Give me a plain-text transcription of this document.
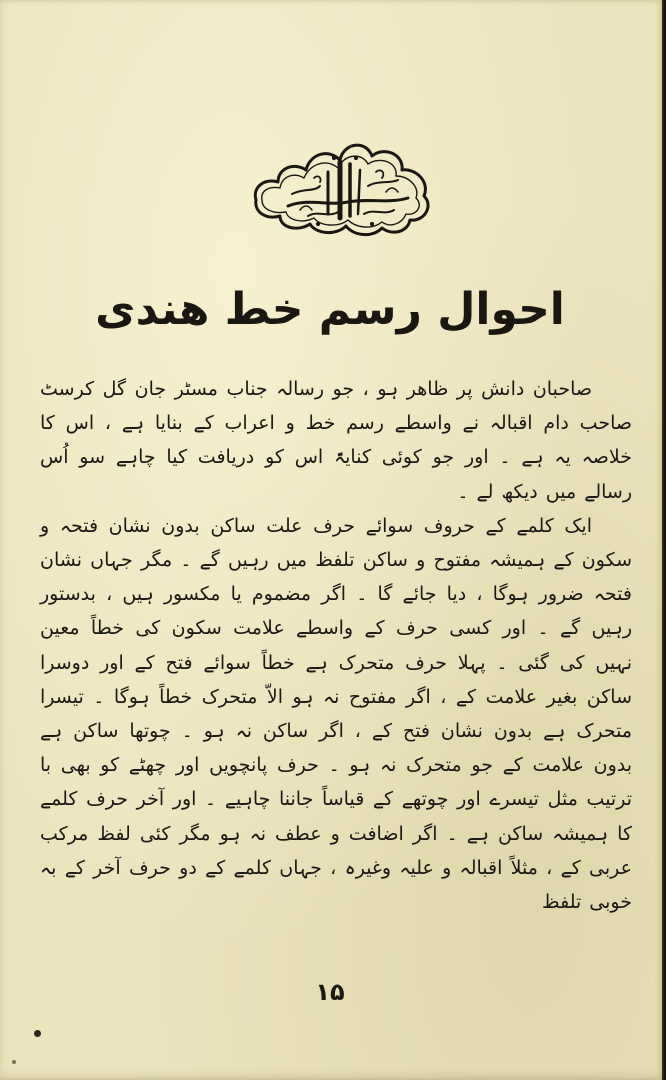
احوال رسم خط هندی

صاحبان دانش پر ظاهر ہو ، جو رسالہ جناب مسٹر جان گل کرسٹ صاحب دام اقبالہ نے واسطے رسم خط و اعراب کے بنایا ہے ، اس کا خلاصہ یہ ہے ۔ اور جو کوئی کنایۃً اس کو دریافت کیا چاہے سو اُس رسالے میں دیکھ لے ۔

ایک کلمے کے حروف سوائے حرف علت ساکن بدون نشان فتحہ و سکون کے ہمیشہ مفتوح و ساکن تلفظ میں رہیں گے ۔ مگر جہاں نشان فتحہ ضرور ہوگا ، دیا جائے گا ۔ اگر مضموم یا مکسور ہیں ، بدستور رہیں گے ۔ اور کسی حرف کے واسطے علامت سکون کی خطاً معین نہیں کی گئی ۔ پہلا حرف متحرک ہے خطاً سوائے فتح کے اور دوسرا ساکن بغیر علامت کے ، اگر مفتوح نہ ہو الاّ متحرک خطاً ہوگا ۔ تیسرا متحرک ہے بدون نشان فتح کے ، اگر ساکن نہ ہو ۔ چوتھا ساکن ہے بدون علامت کے جو متحرک نہ ہو ۔ حرف پانچویں اور چھٹے کو بھی با ترتیب مثل تیسرے اور چوتھے کے قیاساً جاننا چاہیے ۔ اور آخر حرف کلمے کا ہمیشہ ساکن ہے ۔ اگر اضافت و عطف نہ ہو مگر کئی لفظ مرکب عربی کے ، مثلاً اقبالہ و علیہ وغیرہ ، جہاں کلمے کے دو حرف آخر کے بہ خوبی تلفظ

۱۵
